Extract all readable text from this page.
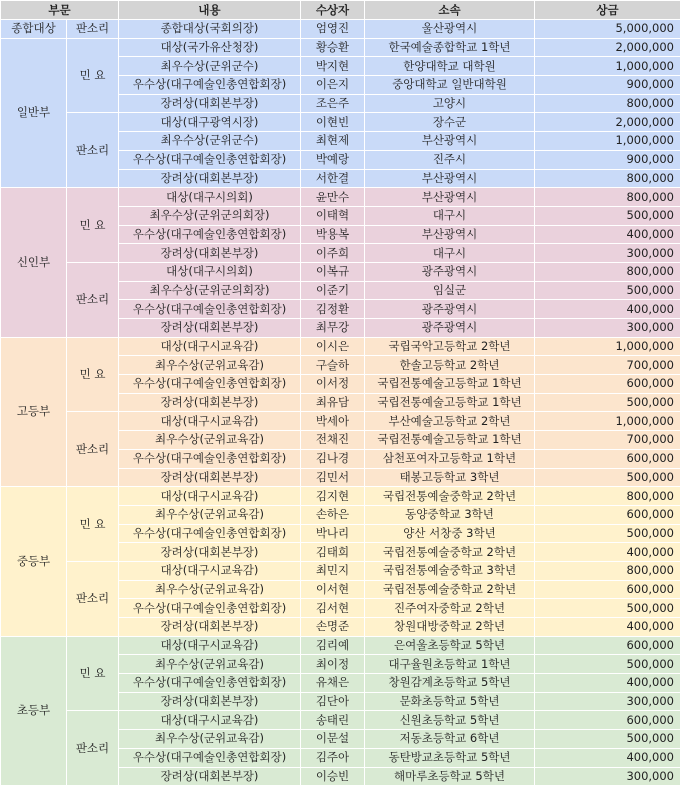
부문		내용	수상자	소속	상금
종합대상	판소리	종합대상(국회의장)	엄영진	울산광역시	5,000,000
일반부	민 요	대상(국가유산청장)	황승환	한국예술종합학교 1학년	2,000,000
		최우수상(군위군수)	박지현	한양대학교 대학원	1,000,000
		우수상(대구예술인총연합회장)	이은지	중앙대학교 일반대학원	900,000
		장려상(대회본부장)	조은주	고양시	800,000
	판소리	대상(대구광역시장)	이현빈	장수군	2,000,000
		최우수상(군위군수)	최현제	부산광역시	1,000,000
		우수상(대구예술인총연합회장)	박예랑	진주시	900,000
		장려상(대회본부장)	서한결	부산광역시	800,000
신인부	민 요	대상(대구시의회)	윤만수	부산광역시	800,000
		최우수상(군위군의회장)	이태혁	대구시	500,000
		우수상(대구예술인총연합회장)	박용복	부산광역시	400,000
		장려상(대회본부장)	이주희	대구시	300,000
	판소리	대상(대구시의회)	이복규	광주광역시	800,000
		최우수상(군위군의회장)	이준기	임실군	500,000
		우수상(대구예술인총연합회장)	김정환	광주광역시	400,000
		장려상(대회본부장)	최무강	광주광역시	300,000
고등부	민 요	대상(대구시교육감)	이시은	국립국악고등학교 2학년	1,000,000
		최우수상(군위교육감)	구슬하	한솔고등학교 2학년	700,000
		우수상(대구예술인총연합회장)	이서정	국립전통예술고등학교 1학년	600,000
		장려상(대회본부장)	최유담	국립전통예술고등학교 1학년	500,000
	판소리	대상(대구시교육감)	박세아	부산예술고등학교 2학년	1,000,000
		최우수상(군위교육감)	전채진	국립전통예술고등학교 1학년	700,000
		우수상(대구예술인총연합회장)	김나경	삼천포여자고등학교 1학년	600,000
		장려상(대회본부장)	김민서	태봉고등학교 3학년	500,000
중등부	민 요	대상(대구시교육감)	김지현	국립전통예술중학교 2학년	800,000
		최우수상(군위교육감)	손하은	동양중학교 3학년	600,000
		우수상(대구예술인총연합회장)	박나리	양산 서창중 3학년	500,000
		장려상(대회본부장)	김태희	국립전통예술중학교 2학년	400,000
	판소리	대상(대구시교육감)	최민지	국립전통예술중학교 3학년	800,000
		최우수상(군위교육감)	이서현	국립전통예술중학교 2학년	600,000
		우수상(대구예술인총연합회장)	김서현	진주여자중학교 2학년	500,000
		장려상(대회본부장)	손명준	창원대방중학교 2학년	400,000
초등부	민 요	대상(대구시교육감)	김리예	은여울초등학교 5학년	600,000
		최우수상(군위교육감)	최이정	대구율원초등학교 1학년	500,000
		우수상(대구예술인총연합회장)	유채은	창원감계초등학교 5학년	400,000
		장려상(대회본부장)	김단아	문화초등학교 5학년	300,000
	판소리	대상(대구시교육감)	송태린	신원초등학교 5학년	600,000
		최우수상(군위교육감)	이문설	저동초등학교 6학년	500,000
		우수상(대구예술인총연합회장)	김주아	동탄방교초등학교 5학년	400,000
		장려상(대회본부장)	이승빈	해마루초등학교 5학년	300,000
